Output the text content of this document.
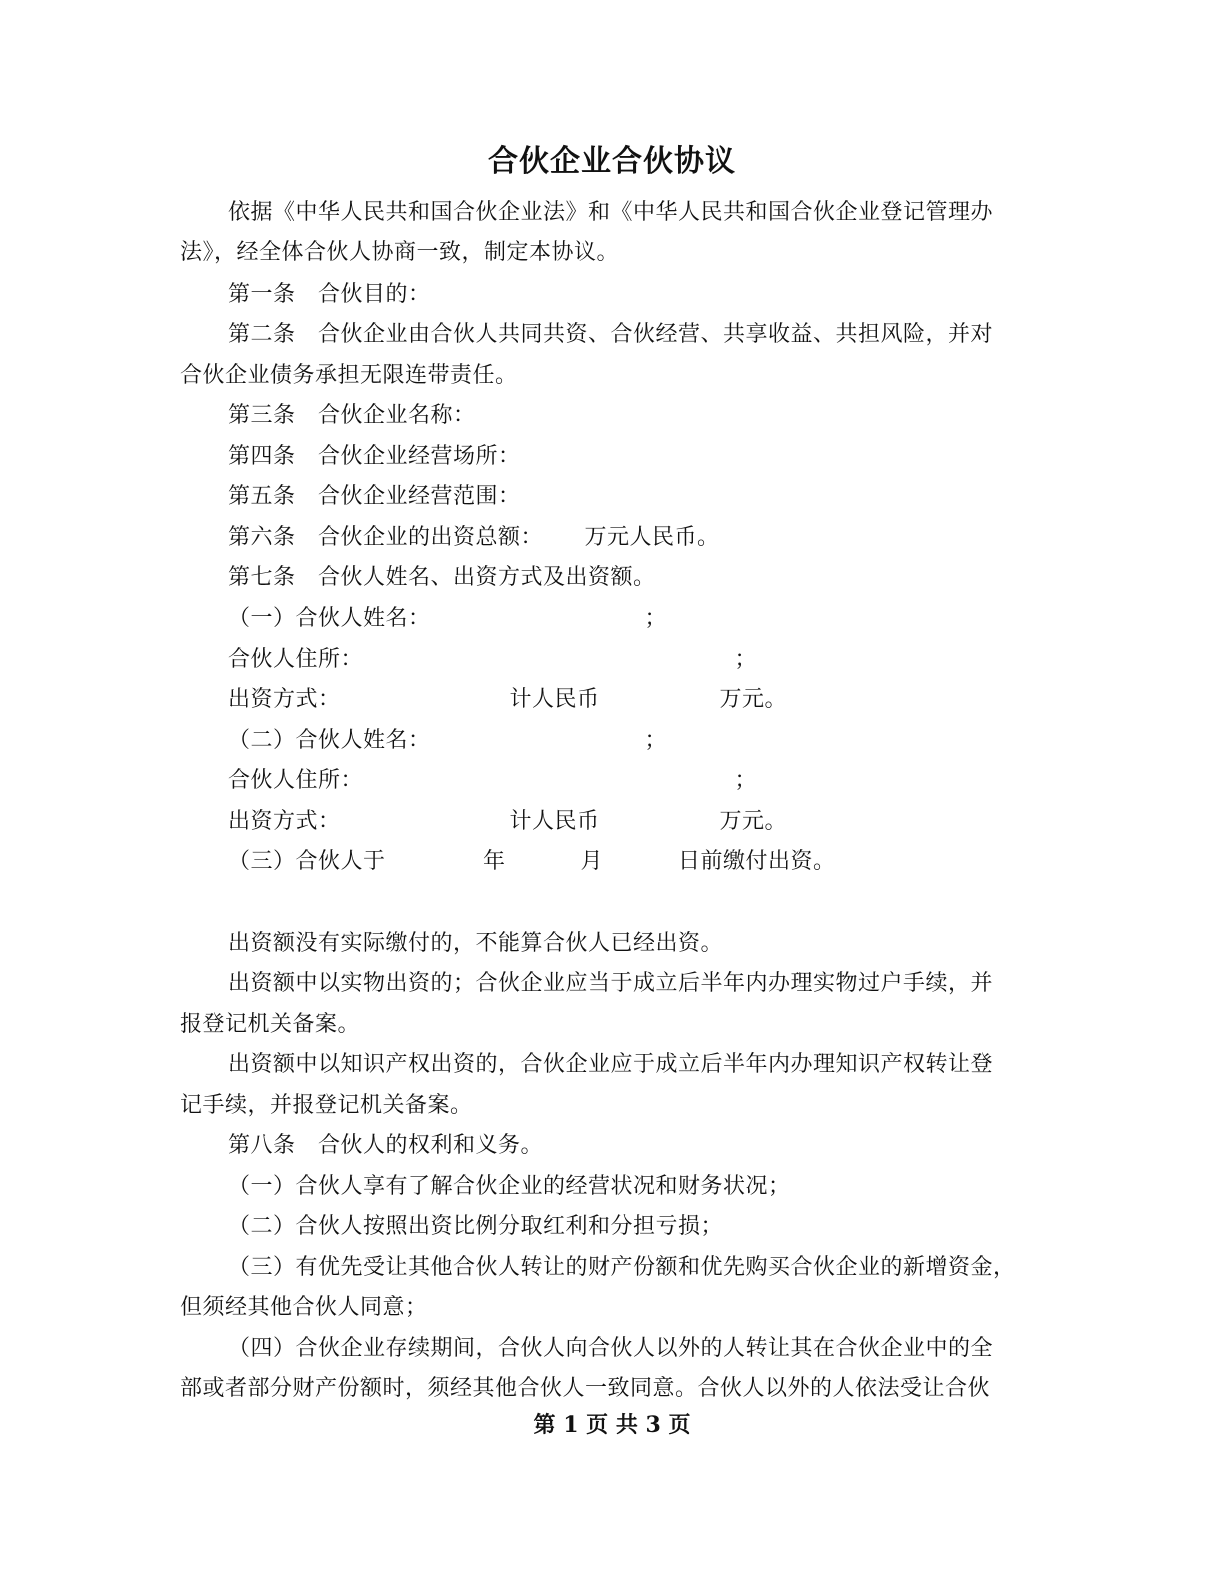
合伙企业合伙协议
依据《中华人民共和国合伙企业法》和《中华人民共和国合伙企业登记管理办
法》，经全体合伙人协商一致，制定本协议。
第一条　合伙目的：
第二条　合伙企业由合伙人共同共资、合伙经营、共享收益、共担风险，并对
合伙企业债务承担无限连带责任。
第三条　合伙企业名称：
第四条　合伙企业经营场所：
第五条　合伙企业经营范围：
第六条　合伙企业的出资总额：　　 万元人民币。
第七条　合伙人姓名、出资方式及出资额。
（一）合伙人姓名：　　　　　　　　　　；
合伙人住所：　　　　　　　　　　　　　　　　　；
出资方式：　　　　　　　　计人民币　　　　　 万元。
（二）合伙人姓名：　　　　　　　　　　；
合伙人住所：　　　　　　　　　　　　　　　　　；
出资方式：　　　　　　　　计人民币　　　　　 万元。
（三）合伙人于　　　　 年　　　 月　　　 日前缴付出资。
出资额没有实际缴付的，不能算合伙人已经出资。
出资额中以实物出资的；合伙企业应当于成立后半年内办理实物过户手续，并
报登记机关备案。
出资额中以知识产权出资的，合伙企业应于成立后半年内办理知识产权转让登
记手续，并报登记机关备案。
第八条　合伙人的权利和义务。
（一）合伙人享有了解合伙企业的经营状况和财务状况；
（二）合伙人按照出资比例分取红利和分担亏损；
（三）有优先受让其他合伙人转让的财产份额和优先购买合伙企业的新增资金，
但须经其他合伙人同意；
（四）合伙企业存续期间，合伙人向合伙人以外的人转让其在合伙企业中的全
部或者部分财产份额时，须经其他合伙人一致同意。合伙人以外的人依法受让合伙
第 1 页 共 3 页
